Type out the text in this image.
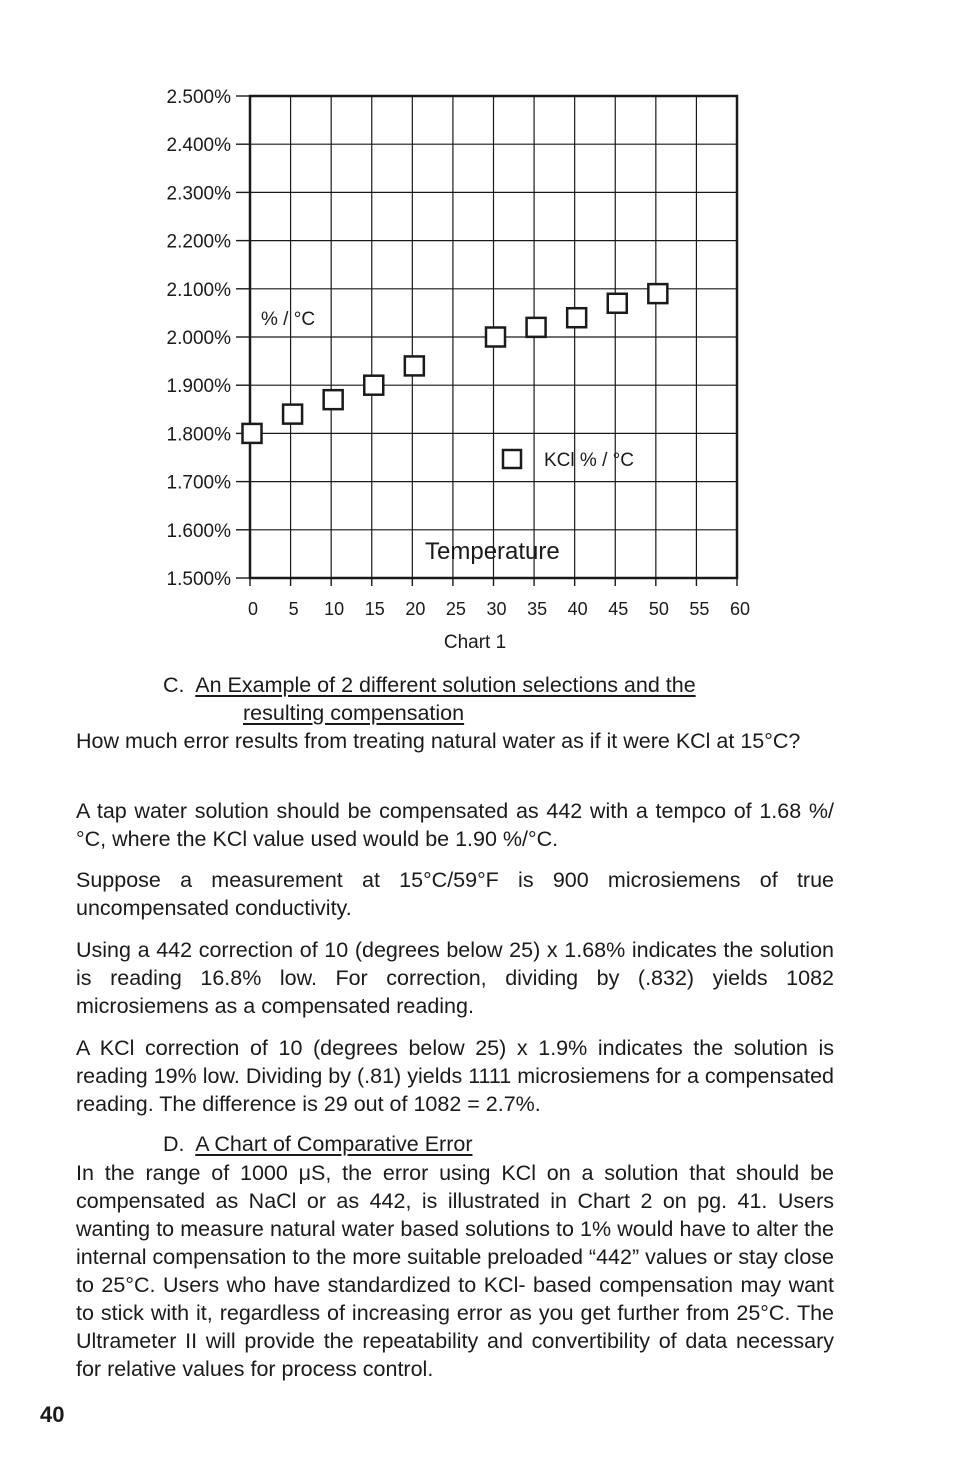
1.500%
1.600%
1.700%
1.800%
1.900%
2.000%
2.100%
2.200%
2.300%
2.400%
2.500%
0 5 10 15 20 25 30 35 40 45 50 55 60
% / °C
Temperature
KCl % / °C
Chart 1
C. An Example of 2 different solution selections and the
resulting compensation

How much error results from treating natural water as if it were KCl at 15°C?

A tap water solution should be compensated as 442 with a tempco of 1.68 %/°C, where the KCl value used would be 1.90 %/°C.

Suppose a measurement at 15°C/59°F is 900 microsiemens of true uncompensated conductivity.

Using a 442 correction of 10 (degrees below 25) x 1.68% indicates the solution is reading 16.8% low. For correction, dividing by (.832) yields 1082 microsiemens as a compensated reading.

A KCl correction of 10 (degrees below 25) x 1.9% indicates the solution is reading 19% low. Dividing by (.81) yields 1111 microsiemens for a compensated reading. The difference is 29 out of 1082 = 2.7%.

D. A Chart of Comparative Error

In the range of 1000 μS, the error using KCl on a solution that should be compensated as NaCl or as 442, is illustrated in Chart 2 on pg. 41. Users wanting to measure natural water based solutions to 1% would have to alter the internal compensation to the more suitable preloaded “442” values or stay close to 25°C. Users who have standardized to KCl- based compensation may want to stick with it, regardless of increasing error as you get further from 25°C. The Ultrameter II will provide the repeatability and convertibility of data necessary for relative values for process control.

40
